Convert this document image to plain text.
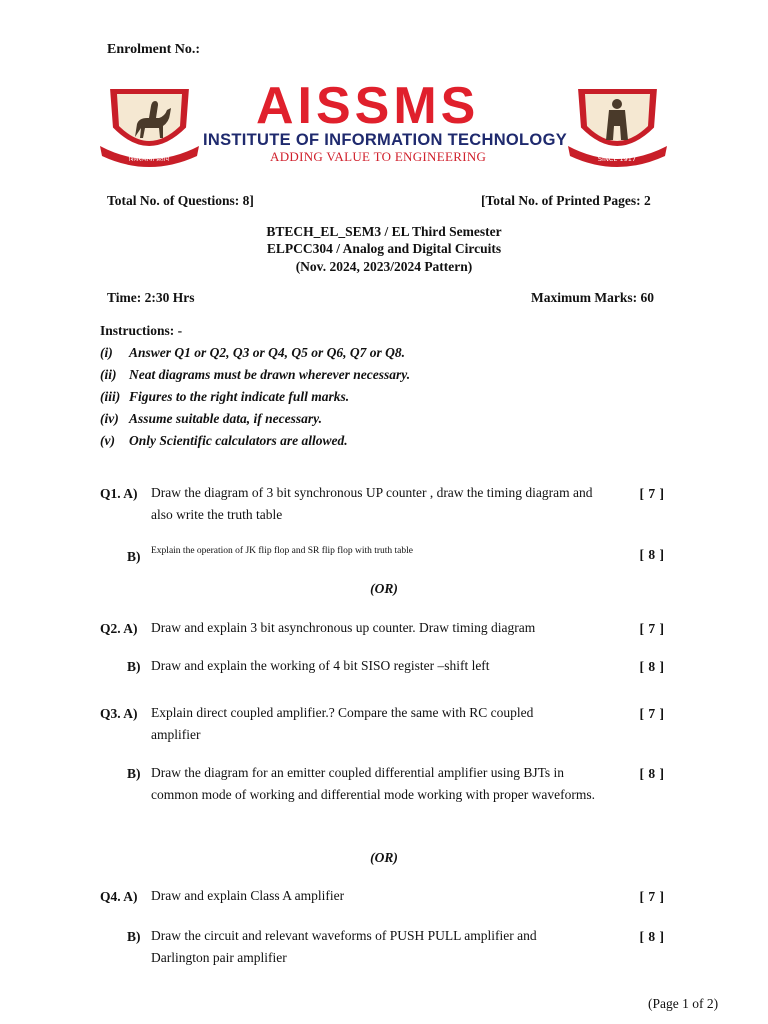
Enrolment No.:
शिवरायांचा प्रताप
AISSMS
INSTITUTE OF INFORMATION TECHNOLOGY
ADDING VALUE TO ENGINEERING	SINCE 1917
Total No. of Questions: 8]	[Total No. of Printed Pages: 2
BTECH_EL_SEM3 / EL Third Semester
ELPCC304 / Analog and Digital Circuits
(Nov. 2024, 2023/2024 Pattern)
Time: 2:30 Hrs	Maximum Marks: 60
Instructions: -
(i) Answer Q1 or Q2, Q3 or Q4, Q5 or Q6, Q7 or Q8.
(ii) Neat diagrams must be drawn wherever necessary.
(iii) Figures to the right indicate full marks.
(iv) Assume suitable data, if necessary.
(v) Only Scientific calculators are allowed.
Q1. A) Draw the diagram of 3 bit synchronous UP counter , draw the timing diagram and also write the truth table
[ 7 ]
B) Explain the operation of JK flip flop and SR flip flop with truth table	[ 8 ]
(OR)
Q2. A) Draw and explain 3 bit asynchronous up counter. Draw timing diagram	[ 7 ]
B) Draw and explain the working of 4 bit SISO register –shift left	[ 8 ]
Q3. A) Explain direct coupled amplifier.? Compare the same with RC coupled amplifier
[ 7 ]
B) Draw the diagram for an emitter coupled differential amplifier using BJTs in common mode of working and differential mode working with proper waveforms.
[ 8 ]
(OR)
Q4. A) Draw and explain Class A amplifier	[ 7 ]
B) Draw the circuit and relevant waveforms of PUSH PULL amplifier and Darlington pair amplifier
[ 8 ]
(Page 1 of 2)
